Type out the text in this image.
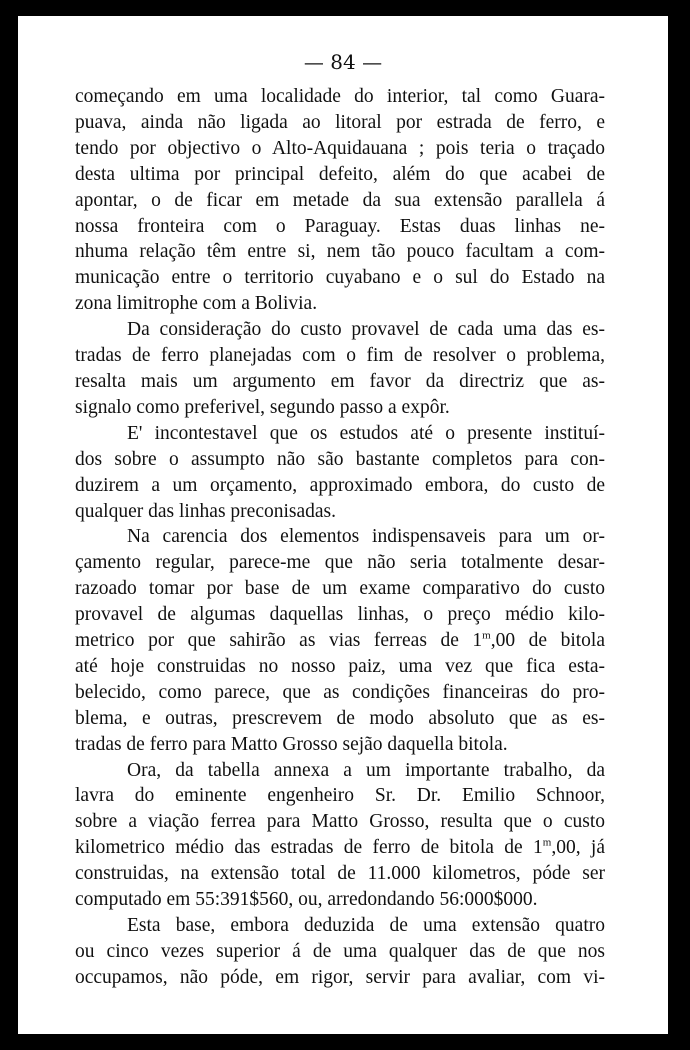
— 84 —
começando em uma localidade do interior, tal como Guara-
puava, ainda não ligada ao litoral por estrada de ferro, e
tendo por objectivo o Alto-Aquidauana ; pois teria o traçado
desta ultima por principal defeito, além do que acabei de
apontar, o de ficar em metade da sua extensão parallela á
nossa fronteira com o Paraguay. Estas duas linhas ne-
nhuma relação têm entre si, nem tão pouco facultam a com-
municação entre o territorio cuyabano e o sul do Estado na
zona limitrophe com a Bolivia.
Da consideração do custo provavel de cada uma das es-
tradas de ferro planejadas com o fim de resolver o problema,
resalta mais um argumento em favor da directriz que as-
signalo como preferivel, segundo passo a expôr.
E' incontestavel que os estudos até o presente instituí-
dos sobre o assumpto não são bastante completos para con-
duzirem a um orçamento, approximado embora, do custo de
qualquer das linhas preconisadas.
Na carencia dos elementos indispensaveis para um or-
çamento regular, parece-me que não seria totalmente desar-
razoado tomar por base de um exame comparativo do custo
provavel de algumas daquellas linhas, o preço médio kilo-
metrico por que sahirão as vias ferreas de 1$^m$,00 de bitola
até hoje construidas no nosso paiz, uma vez que fica esta-
belecido, como parece, que as condições financeiras do pro-
blema, e outras, prescrevem de modo absoluto que as es-
tradas de ferro para Matto Grosso sejão daquella bitola.
Ora, da tabella annexa a um importante trabalho, da
lavra do eminente engenheiro Sr. Dr. Emilio Schnoor,
sobre a viação ferrea para Matto Grosso, resulta que o custo
kilometrico médio das estradas de ferro de bitola de 1$^m$,00, já
construidas, na extensão total de 11.000 kilometros, póde ser
computado em 55:391$560, ou, arredondando 56:000$000.
Esta base, embora deduzida de uma extensão quatro
ou cinco vezes superior á de uma qualquer das de que nos
occupamos, não póde, em rigor, servir para avaliar, com vi-
